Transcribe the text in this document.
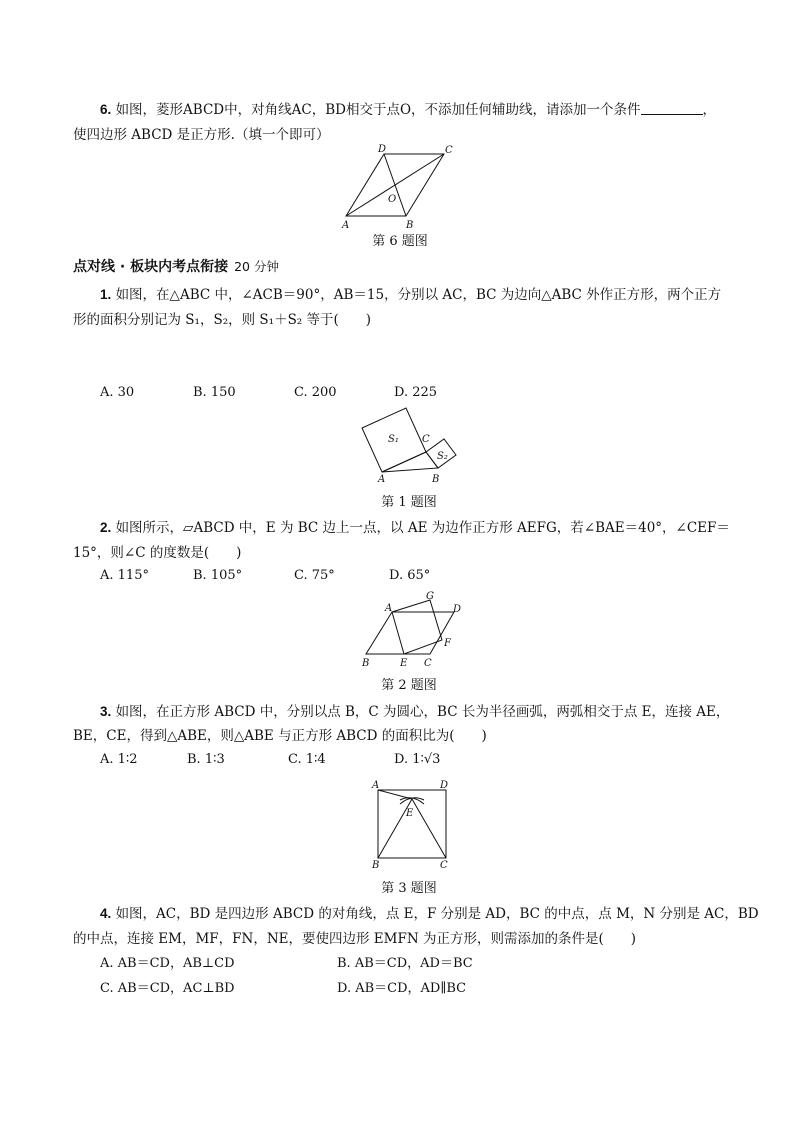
6. 如图，菱形ABCD中，对角线AC，BD相交于点O，不添加任何辅助线，请添加一个条件	，
使四边形 ABCD 是正方形.（填一个即可）
D	C
O
A	B
第 6 题图
点对线 · 板块内考点衔接 20 分钟
1. 如图，在△ABC 中，∠ACB＝90°，AB＝15，分别以 AC，BC 为边向△ABC 外作正方形，两个正方
形的面积分别记为 S₁，S₂，则 S₁＋S₂ 等于(　　)
A. 30	B. 150	C. 200	D. 225
S₁ C
S₂
A	B
第 1 题图
2. 如图所示，▱ABCD 中，E 为 BC 边上一点，以 AE 为边作正方形 AEFG，若∠BAE＝40°，∠CEF＝
15°，则∠C 的度数是(　　)
A. 115°	B. 105°	C. 75°	D. 65°
A
G
D
F
B	E C
第 2 题图
3. 如图，在正方形 ABCD 中，分别以点 B，C 为圆心，BC 长为半径画弧，两弧相交于点 E，连接 AE，
BE，CE，得到△ABE，则△ABE 与正方形 ABCD 的面积比为(　　)
A. 1∶2	B. 1∶3	C. 1∶4	D. 1∶√3
A	D
E
B	C
第 3 题图
4. 如图，AC，BD 是四边形 ABCD 的对角线，点 E，F 分别是 AD，BC 的中点，点 M，N 分别是 AC，BD
的中点，连接 EM，MF，FN，NE，要使四边形 EMFN 为正方形，则需添加的条件是(　　)
A. AB＝CD，AB⊥CD	B. AB＝CD，AD＝BC
C. AB＝CD，AC⊥BD	D. AB＝CD，AD∥BC
